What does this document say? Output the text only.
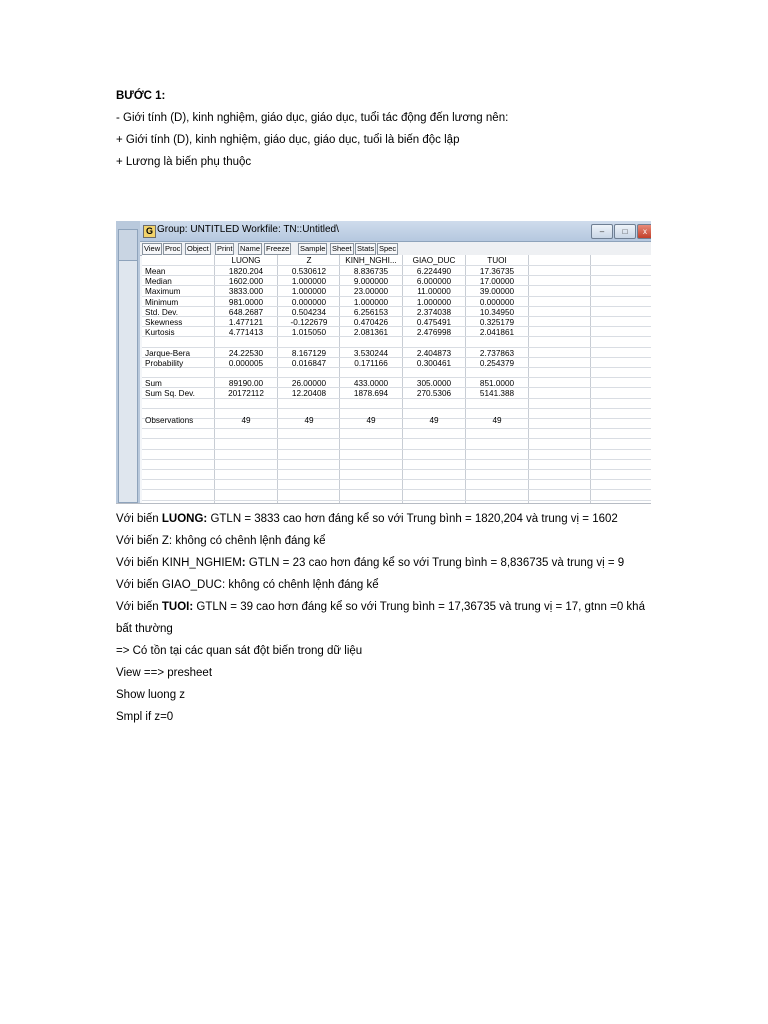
BƯỚC 1:
- Giới tính (D), kinh nghiệm, giáo dục, giáo dục, tuổi tác động đến lương nên:
+ Giới tính (D), kinh nghiệm, giáo dục, giáo dục, tuổi là biến độc lập
+ Lương là biến phụ thuộc
G Group: UNTITLED Workfile: TN::Untitled\	–	□	x
View Proc Object Print Name Freeze Sample Sheet Stats Spec
LUONG	Z	KINH_NGHI...	GIAO_DUC	TUOI
Mean	1820.204	0.530612	8.836735	6.224490	17.36735
Median	1602.000	1.000000	9.000000	6.000000	17.00000
Maximum	3833.000	1.000000	23.00000	11.00000	39.00000
Minimum	981.0000	0.000000	1.000000	1.000000	0.000000
Std. Dev.	648.2687	0.504234	6.256153	2.374038	10.34950
Skewness	1.477121	-0.122679	0.470426	0.475491	0.325179
Kurtosis	4.771413	1.015050	2.081361	2.476998	2.041861
Jarque-Bera	24.22530	8.167129	3.530244	2.404873	2.737863
Probability	0.000005	0.016847	0.171166	0.300461	0.254379
Sum	89190.00	26.00000	433.0000	305.0000	851.0000
Sum Sq. Dev.	20172112	12.20408	1878.694	270.5306	5141.388
Observations	49	49	49	49	49
Với biến LUONG: GTLN = 3833 cao hơn đáng kể so với Trung bình = 1820,204 và trung vị = 1602
Với biến Z: không có chênh lệnh đáng kể
Với biến KINH_NGHIEM: GTLN = 23 cao hơn đáng kể so với Trung bình = 8,836735 và trung vị = 9
Với biến GIAO_DUC: không có chênh lệnh đáng kể
Với biến TUOI: GTLN = 39 cao hơn đáng kể so với Trung bình = 17,36735 và trung vị = 17, gtnn =0 khá
bất thường
=> Có tồn tại các quan sát đột biến trong dữ liệu
View ==> presheet
Show luong z
Smpl if z=0
